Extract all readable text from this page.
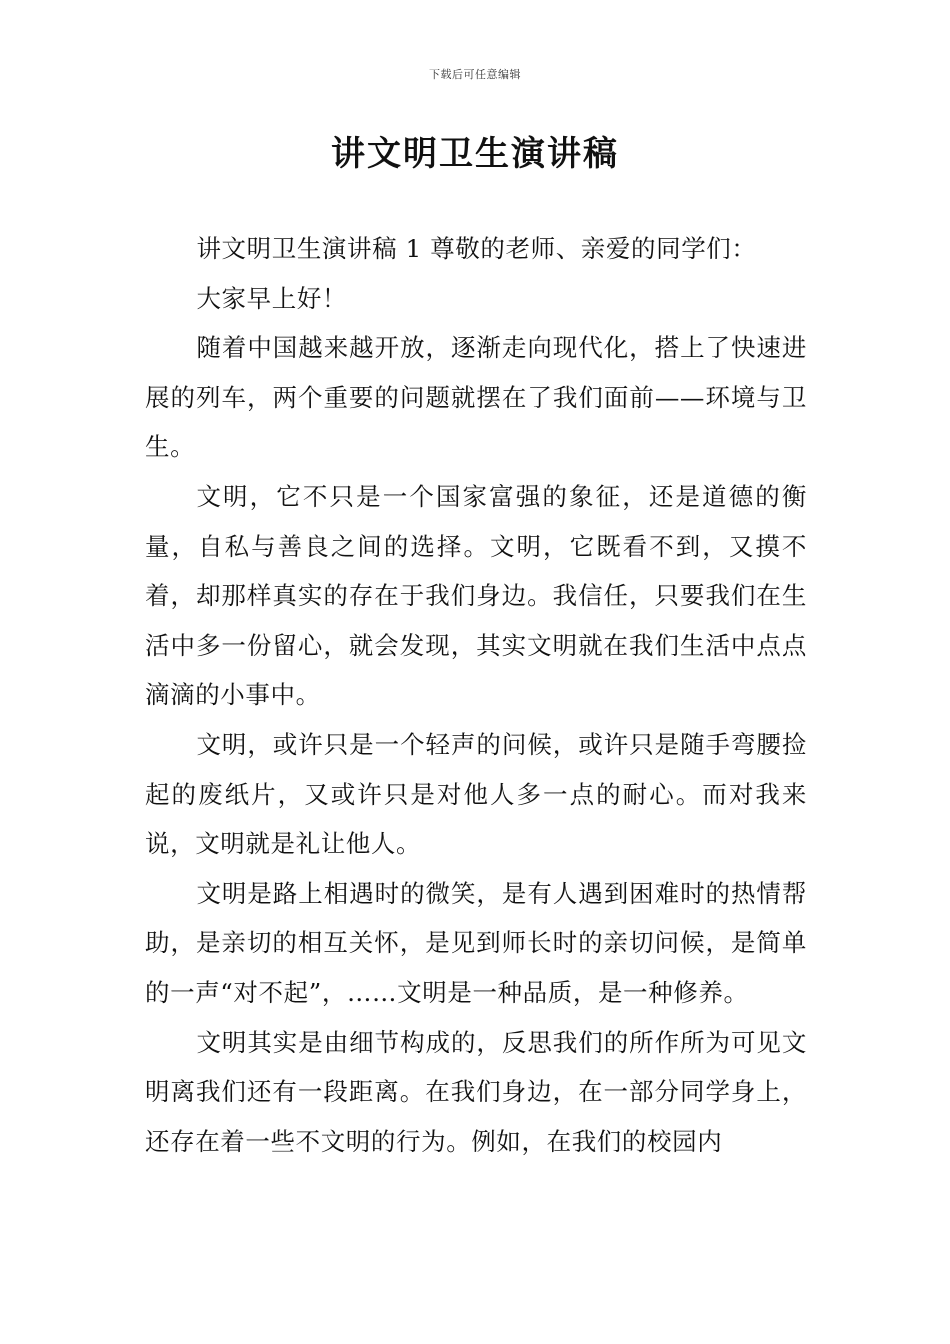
下载后可任意编辑
讲文明卫生演讲稿

讲文明卫生演讲稿 1 尊敬的老师、亲爱的同学们：

大家早上好！

随着中国越来越开放，逐渐走向现代化，搭上了快速进展的列车，两个重要的问题就摆在了我们面前——环境与卫生。

文明，它不只是一个国家富强的象征，还是道德的衡量，自私与善良之间的选择。文明，它既看不到，又摸不着，却那样真实的存在于我们身边。我信任，只要我们在生活中多一份留心，就会发现，其实文明就在我们生活中点点滴滴的小事中。

文明，或许只是一个轻声的问候，或许只是随手弯腰捡起的废纸片，又或许只是对他人多一点的耐心。而对我来说，文明就是礼让他人。

文明是路上相遇时的微笑，是有人遇到困难时的热情帮助，是亲切的相互关怀，是见到师长时的亲切问候，是简单的一声“对不起”，……文明是一种品质，是一种修养。

文明其实是由细节构成的，反思我们的所作所为可见文明离我们还有一段距离。在我们身边，在一部分同学身上，还存在着一些不文明的行为。例如，在我们的校园内
